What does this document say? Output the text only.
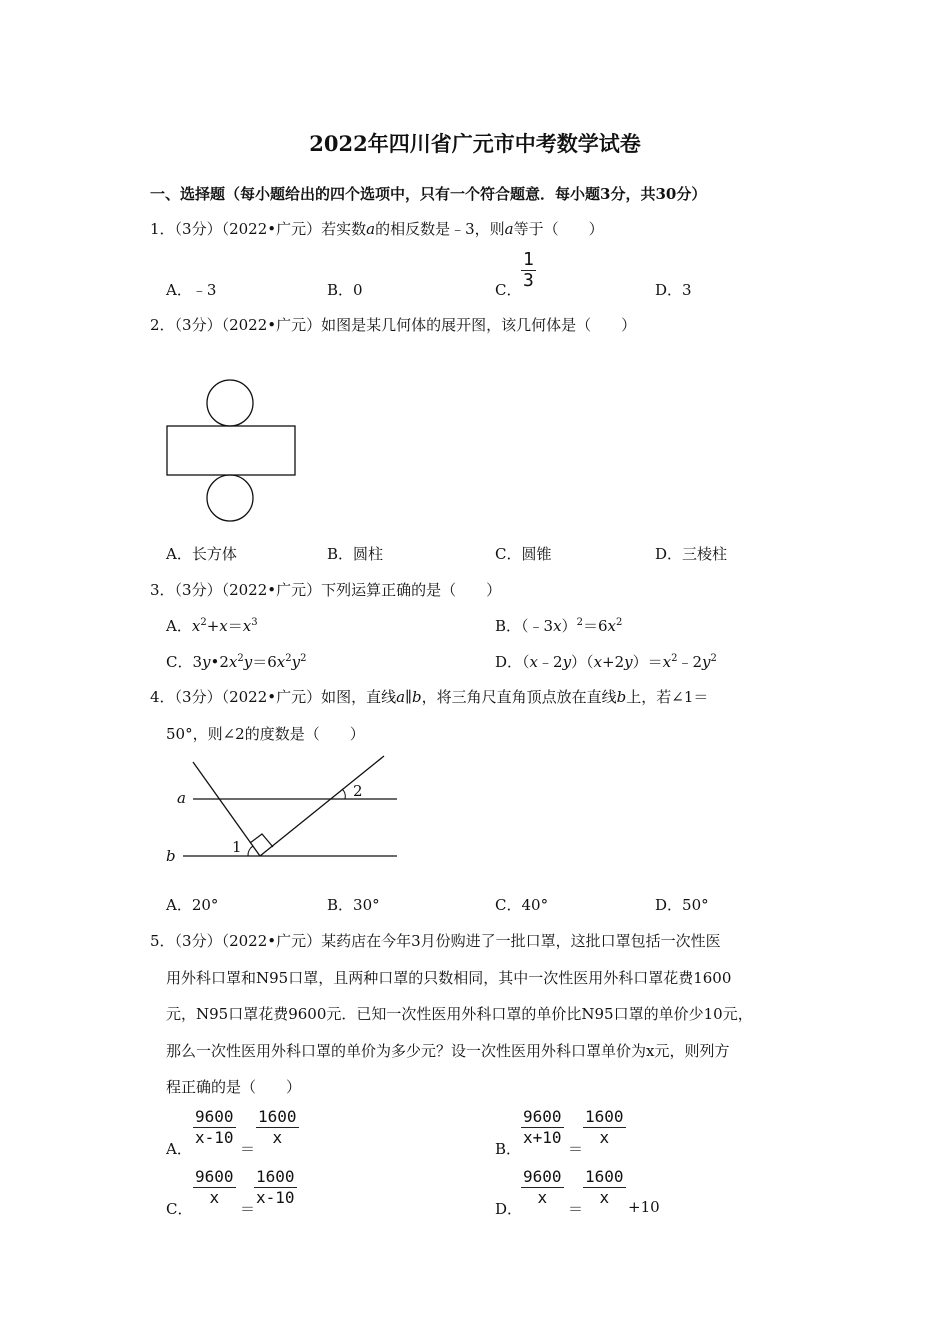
2022年四川省广元市中考数学试卷
一、选择题（每小题给出的四个选项中，只有一个符合题意．每小题3分，共30分）
1．（3分）（2022•广元）若实数a的相反数是﹣3，则a等于（　　）
A．﹣3	B．0	C． $\frac{1}{3}$	D．3
2．（3分）（2022•广元）如图是某几何体的展开图，该几何体是（　　）
A．长方体	B．圆柱	C．圆锥	D．三棱柱
3．（3分）（2022•广元）下列运算正确的是（　　）
A．$x^2+x=x^3$	B．$(﹣3x)^2=6x^2$
C．$3y•2x^2y=6x^2y^2$	D．$(x﹣2y)(x+2y)=x^2﹣2y^2$
4．（3分）（2022•广元）如图，直线a∥b，将三角尺直角顶点放在直线b上，若∠1＝
50°，则∠2的度数是（　　）
a
b	1
2
A．20°	B．30°	C．40°	D．50°
5．（3分）（2022•广元）某药店在今年3月份购进了一批口罩，这批口罩包括一次性医
用外科口罩和N95口罩，且两种口罩的只数相同，其中一次性医用外科口罩花费1600
元，N95口罩花费9600元．已知一次性医用外科口罩的单价比N95口罩的单价少10元，
那么一次性医用外科口罩的单价为多少元？设一次性医用外科口罩单价为x元，则列方
程正确的是（　　）
A．
$\frac{9600}{x-10}$
＝
$\frac{1600}{x}$
B．
$\frac{9600}{x+10}$
＝
$\frac{1600}{x}$
C．
$\frac{9600}{x}$
＝
$\frac{1600}{x-10}$
D．
$\frac{9600}{x}$
＝
$\frac{1600}{x} +10$
